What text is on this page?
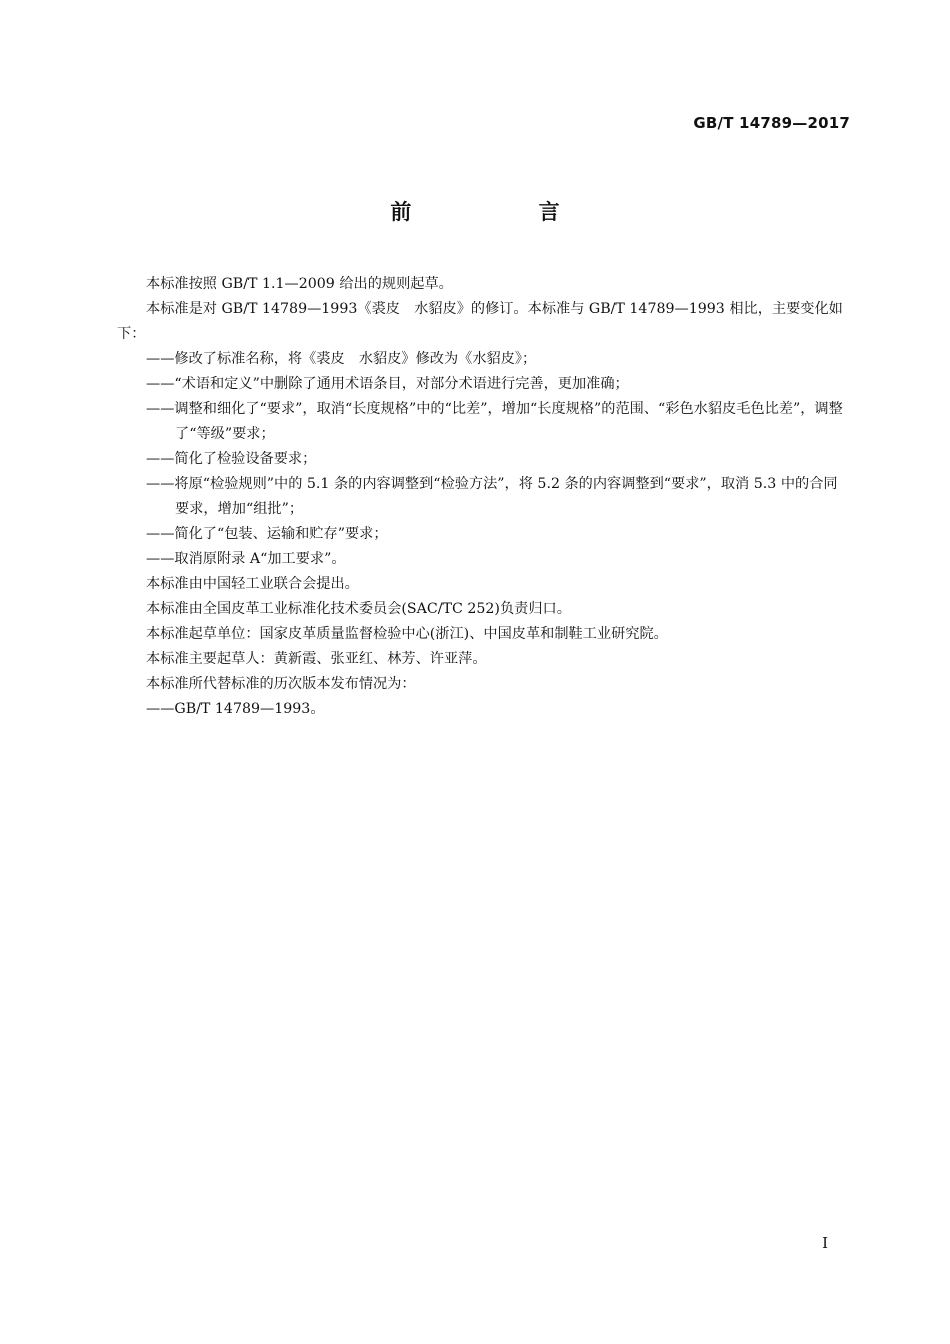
GB/T 14789—2017
前 言

本标准按照 GB/T 1.1—2009 给出的规则起草。

本标准是对 GB/T 14789—1993《裘皮　水貂皮》的修订。本标准与 GB/T 14789—1993 相比，主要变化如下：

——修改了标准名称，将《裘皮　水貂皮》修改为《水貂皮》；

——“术语和定义”中删除了通用术语条目，对部分术语进行完善，更加准确；

——调整和细化了“要求”，取消“长度规格”中的“比差”，增加“长度规格”的范围、“彩色水貂皮毛色比差”，调整了“等级”要求；

——简化了检验设备要求；

——将原“检验规则”中的 5.1 条的内容调整到“检验方法”，将 5.2 条的内容调整到“要求”，取消 5.3 中的合同要求，增加“组批”；

——简化了“包装、运输和贮存”要求；

——取消原附录 A“加工要求”。

本标准由中国轻工业联合会提出。

本标准由全国皮革工业标准化技术委员会(SAC/TC 252)负责归口。

本标准起草单位：国家皮革质量监督检验中心(浙江)、中国皮革和制鞋工业研究院。

本标准主要起草人：黄新霞、张亚红、林芳、许亚萍。

本标准所代替标准的历次版本发布情况为：

——GB/T 14789—1993。

I
